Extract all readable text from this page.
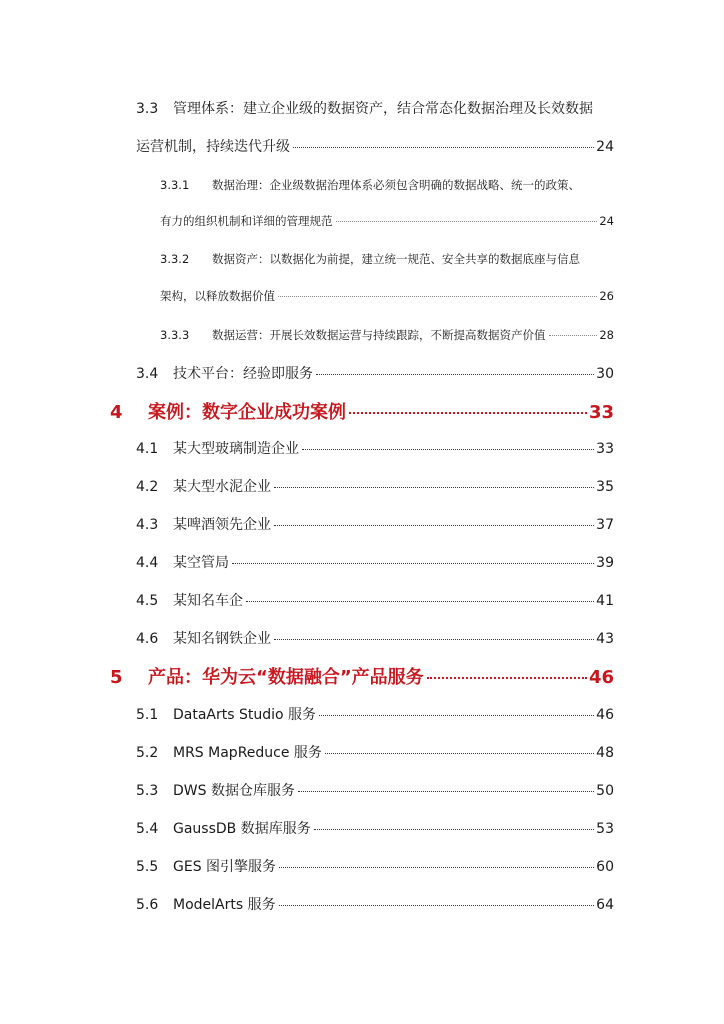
3.3	管理体系：建立企业级的数据资产，结合常态化数据治理及长效数据
运营机制，持续迭代升级	24
3.3.1	数据治理：企业级数据治理体系必须包含明确的数据战略、统一的政策、
有力的组织机制和详细的管理规范	24
3.3.2	数据资产：以数据化为前提，建立统一规范、安全共享的数据底座与信息
架构，以释放数据价值	26
3.3.3	数据运营：开展长效数据运营与持续跟踪，不断提高数据资产价值	28
3.4	技术平台：经验即服务	30
4	案例：数字企业成功案例	33
4.1	某大型玻璃制造企业	33
4.2	某大型水泥企业	35
4.3	某啤酒领先企业	37
4.4	某空管局	39
4.5	某知名车企	41
4.6	某知名钢铁企业	43
5	产品：华为云“数据融合”产品服务	46
5.1	DataArts Studio 服务	46
5.2	MRS MapReduce 服务	48
5.3	DWS 数据仓库服务	50
5.4	GaussDB 数据库服务	53
5.5	GES 图引擎服务	60
5.6	ModelArts 服务	64
